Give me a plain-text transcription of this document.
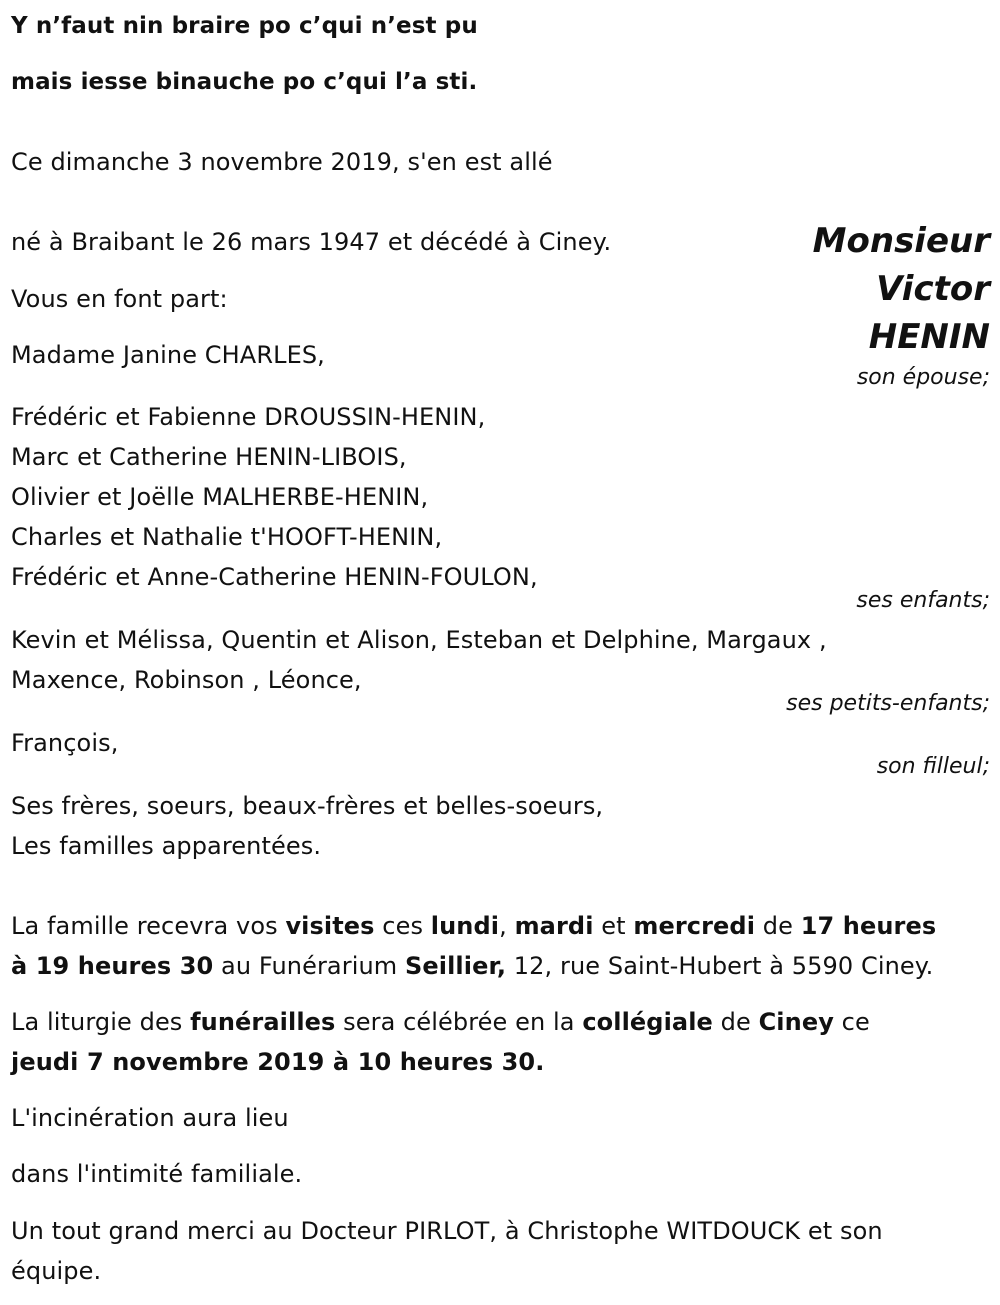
Y n’faut nin braire po c’qui n’est pu
mais iesse binauche po c’qui l’a sti.
Ce dimanche 3 novembre 2019, s'en est allé
Monsieur
Victor
HENIN
né à Braibant le 26 mars 1947 et décédé à Ciney.
Vous en font part:
Madame Janine CHARLES,
son épouse;
Frédéric et Fabienne DROUSSIN-HENIN,
Marc et Catherine HENIN-LIBOIS,
Olivier et Joëlle MALHERBE-HENIN,
Charles et Nathalie t'HOOFT-HENIN,
Frédéric et Anne-Catherine HENIN-FOULON,
ses enfants;
Kevin et Mélissa, Quentin et Alison, Esteban et Delphine, Margaux ,
Maxence, Robinson , Léonce,
ses petits-enfants;
François,
son filleul;
Ses frères, soeurs, beaux-frères et belles-soeurs,
Les familles apparentées.
La famille recevra vos visites ces lundi, mardi et mercredi de 17 heures
à 19 heures 30 au Funérarium Seillier, 12, rue Saint-Hubert à 5590 Ciney.
La liturgie des funérailles sera célébrée en la collégiale de Ciney ce
jeudi 7 novembre 2019 à 10 heures 30.
L'incinération aura lieu
dans l'intimité familiale.
Un tout grand merci au Docteur PIRLOT, à Christophe WITDOUCK et son
équipe.
